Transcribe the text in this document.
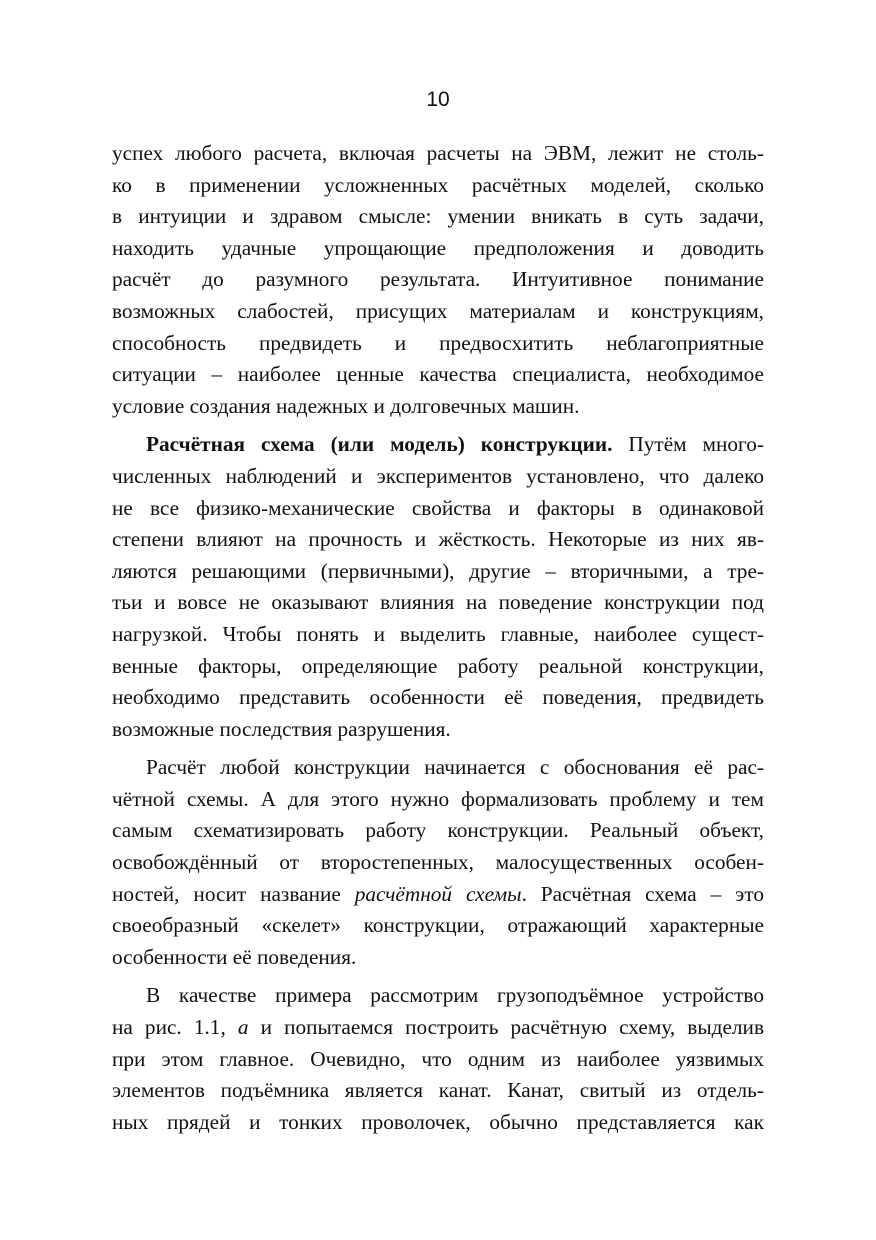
10
успех любого расчета, включая расчеты на ЭВМ, лежит не столь-
ко в применении усложненных расчётных моделей, сколько
в интуиции и здравом смысле: умении вникать в суть задачи,
находить удачные упрощающие предположения и доводить
расчёт до разумного результата. Интуитивное понимание
возможных слабостей, присущих материалам и конструкциям,
способность предвидеть и предвосхитить неблагоприятные
ситуации – наиболее ценные качества специалиста, необходимое
условие создания надежных и долговечных машин.
Расчётная схема (или модель) конструкции. Путём много-
численных наблюдений и экспериментов установлено, что далеко
не все физико-механические свойства и факторы в одинаковой
степени влияют на прочность и жёсткость. Некоторые из них яв-
ляются решающими (первичными), другие – вторичными, а тре-
тьи и вовсе не оказывают влияния на поведение конструкции под
нагрузкой. Чтобы понять и выделить главные, наиболее сущест-
венные факторы, определяющие работу реальной конструкции,
необходимо представить особенности её поведения, предвидеть
возможные последствия разрушения.
Расчёт любой конструкции начинается с обоснования её рас-
чётной схемы. А для этого нужно формализовать проблему и тем
самым схематизировать работу конструкции. Реальный объект,
освобождённый от второстепенных, малосущественных особен-
ностей, носит название расчётной схемы. Расчётная схема – это
своеобразный «скелет» конструкции, отражающий характерные
особенности её поведения.
В качестве примера рассмотрим грузоподъёмное устройство
на рис. 1.1, а и попытаемся построить расчётную схему, выделив
при этом главное. Очевидно, что одним из наиболее уязвимых
элементов подъёмника является канат. Канат, свитый из отдель-
ных прядей и тонких проволочек, обычно представляется как
